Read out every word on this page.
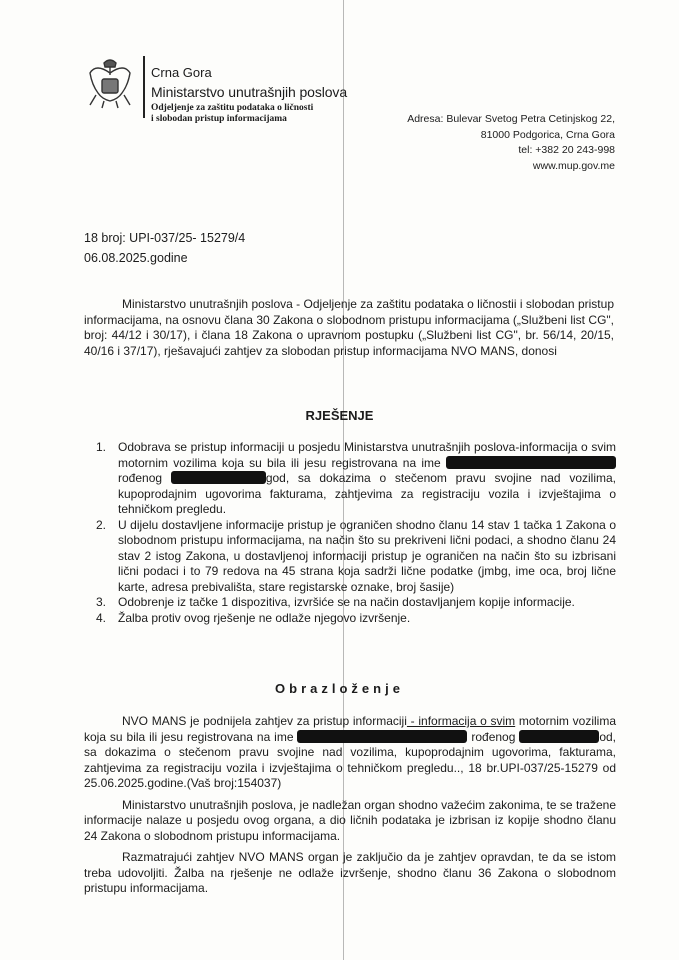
Crna Gora
Ministarstvo unutrašnjih poslova
Odjeljenje za zaštitu podataka o ličnosti
i slobodan pristup informacijama	Adresa: Bulevar Svetog Petra Cetinjskog 22,
81000 Podgorica, Crna Gora
tel: +382 20 243-998
www.mup.gov.me
18 broj: UPI-037/25- 15279/4
06.08.2025.godine
Ministarstvo unutrašnjih poslova - Odjeljenje za zaštitu podataka o ličnostii i slobodan pristup informacijama, na osnovu člana 30 Zakona o slobodnom pristupu informacijama („Službeni list CG", broj: 44/12 i 30/17), i člana 18 Zakona o upravnom postupku („Službeni list CG", br. 56/14, 20/15, 40/16 i 37/17), rješavajući zahtjev za slobodan pristup informacijama NVO MANS, donosi
RJEŠENJE
1. Odobrava se pristup informaciji u posjedu Ministarstva unutrašnjih poslova-informacija o svim motornim vozilima koja su bila ili jesu registrovana na ime  rođenog	god, sa dokazima o stečenom pravu svojine nad vozilima, kupoprodajnim ugovorima fakturama, zahtjevima za registraciju vozila i izvještajima o tehničkom pregledu.
2. U dijelu dostavljene informacije pristup je ograničen shodno članu 14 stav 1 tačka 1 Zakona o slobodnom pristupu informacijama, na način što su prekriveni lični podaci, a shodno članu 24 stav 2 istog Zakona, u dostavljenoj informaciji pristup je ograničen na način što su izbrisani lični podaci i to 79 redova na 45 strana koja sadrži lične podatke (jmbg, ime oca, broj lične karte, adresa prebivališta, stare registarske oznake, broj šasije)
3. Odobrenje iz tačke 1 dispozitiva, izvršiće se na način dostavljanjem kopije informacije.
4. Žalba protiv ovog rješenje ne odlaže njegovo izvršenje.
Obrazloženje

NVO MANS je podnijela zahtjev za pristup informaciji - informacija o svim motornim vozilima koja su bila ili jesu registrovana na ime	rođenog	od, sa dokazima o stečenom pravu svojine nad vozilima, kupoprodajnim ugovorima, fakturama, zahtjevima za registraciju vozila i izvještajima o tehničkom pregledu.., 18 br.UPI-037/25-15279 od 25.06.2025.godine.(Vaš broj:154037)

Ministarstvo unutrašnjih poslova, je nadležan organ shodno važećim zakonima, te se tražene informacije nalaze u posjedu ovog organa, a dio ličnih podataka je izbrisan iz kopije shodno članu 24 Zakona o slobodnom pristupu informacijama.

Razmatrajući zahtjev NVO MANS organ je zaključio da je zahtjev opravdan, te da se istom treba udovoljiti. Žalba na rješenje ne odlaže izvršenje, shodno članu 36 Zakona o slobodnom pristupu informacijama.
